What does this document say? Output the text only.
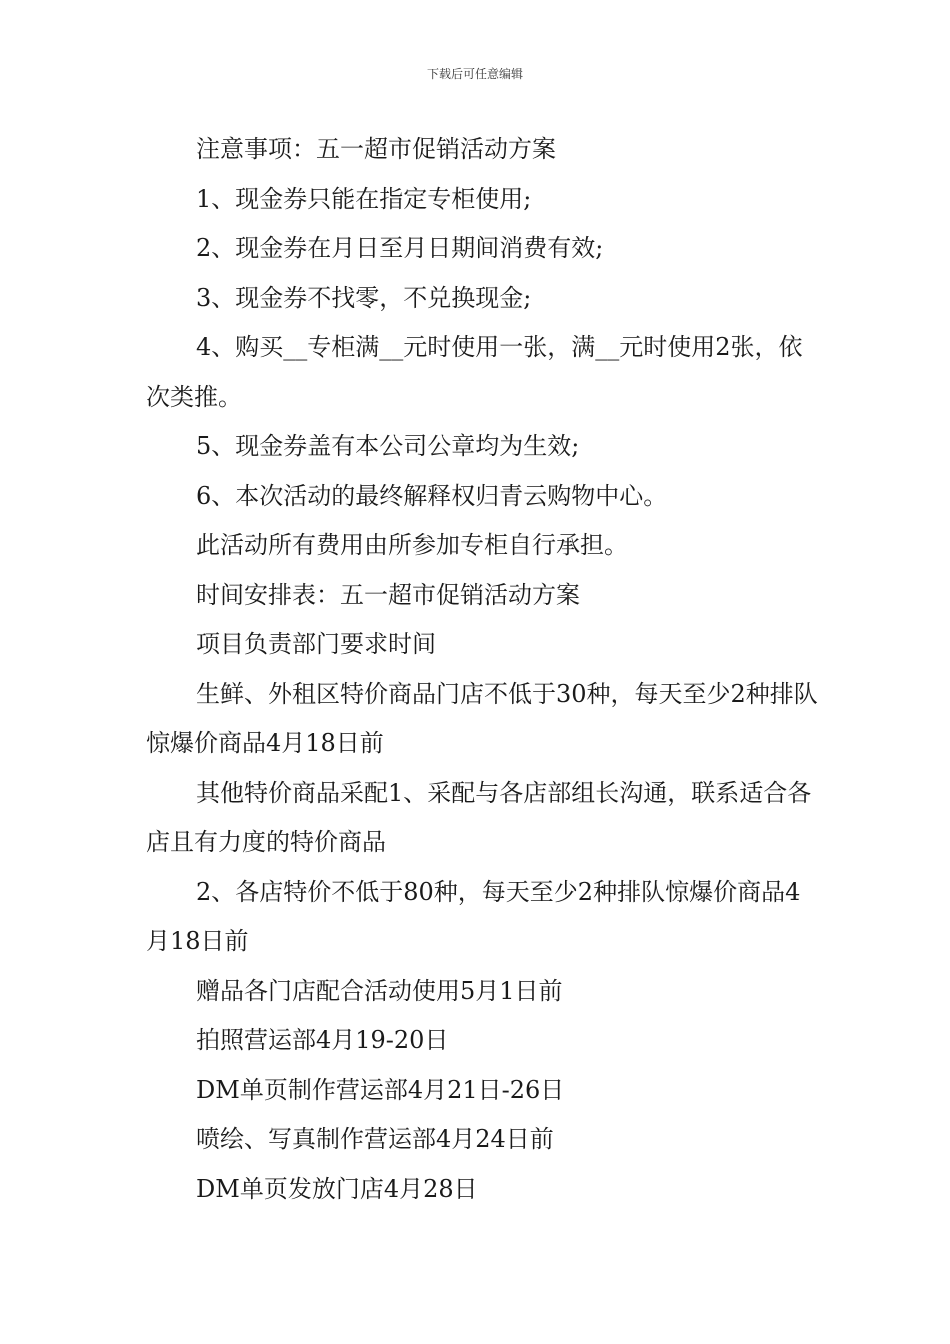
下载后可任意编辑

注意事项：五一超市促销活动方案

1、现金券只能在指定专柜使用;

2、现金券在月日至月日期间消费有效;

3、现金券不找零，不兑换现金;

4、购买__专柜满__元时使用一张，满__元时使用2张，依次类推。

5、现金券盖有本公司公章均为生效;

6、本次活动的最终解释权归青云购物中心。

此活动所有费用由所参加专柜自行承担。

时间安排表：五一超市促销活动方案

项目负责部门要求时间

生鲜、外租区特价商品门店不低于30种，每天至少2种排队惊爆价商品4月18日前

其他特价商品采配1、采配与各店部组长沟通，联系适合各店且有力度的特价商品

2、各店特价不低于80种，每天至少2种排队惊爆价商品4月18日前

赠品各门店配合活动使用5月1日前

拍照营运部4月19-20日

DM单页制作营运部4月21日-26日

喷绘、写真制作营运部4月24日前

DM单页发放门店4月28日
